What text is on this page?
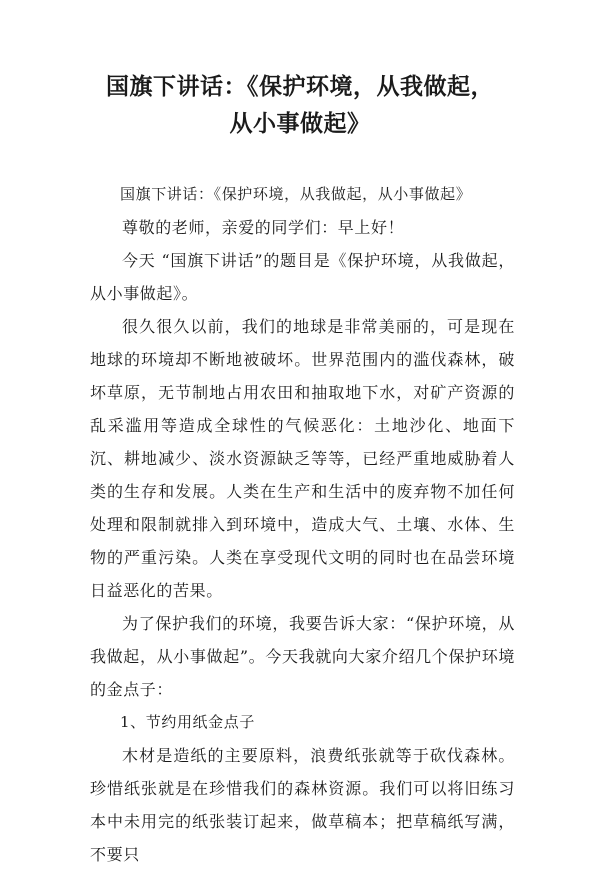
国旗下讲话：《保护环境，从我做起，
从小事做起》

国旗下讲话：《保护环境，从我做起，从小事做起》

尊敬的老师，亲爱的同学们：早上好！

今天 “国旗下讲话”的题目是《保护环境，从我做起，从小事做起》。

很久很久以前，我们的地球是非常美丽的，可是现在地球的环境却不断地被破坏。世界范围内的滥伐森林，破坏草原，无节制地占用农田和抽取地下水，对矿产资源的乱采滥用等造成全球性的气候恶化：土地沙化、地面下沉、耕地减少、淡水资源缺乏等等，已经严重地威胁着人类的生存和发展。人类在生产和生活中的废弃物不加任何处理和限制就排入到环境中，造成大气、土壤、水体、生物的严重污染。人类在享受现代文明的同时也在品尝环境日益恶化的苦果。

为了保护我们的环境，我要告诉大家：“保护环境，从我做起，从小事做起”。今天我就向大家介绍几个保护环境的金点子：

1、节约用纸金点子

木材是造纸的主要原料，浪费纸张就等于砍伐森林。珍惜纸张就是在珍惜我们的森林资源。我们可以将旧练习本中未用完的纸张装订起来，做草稿本；把草稿纸写满，不要只
